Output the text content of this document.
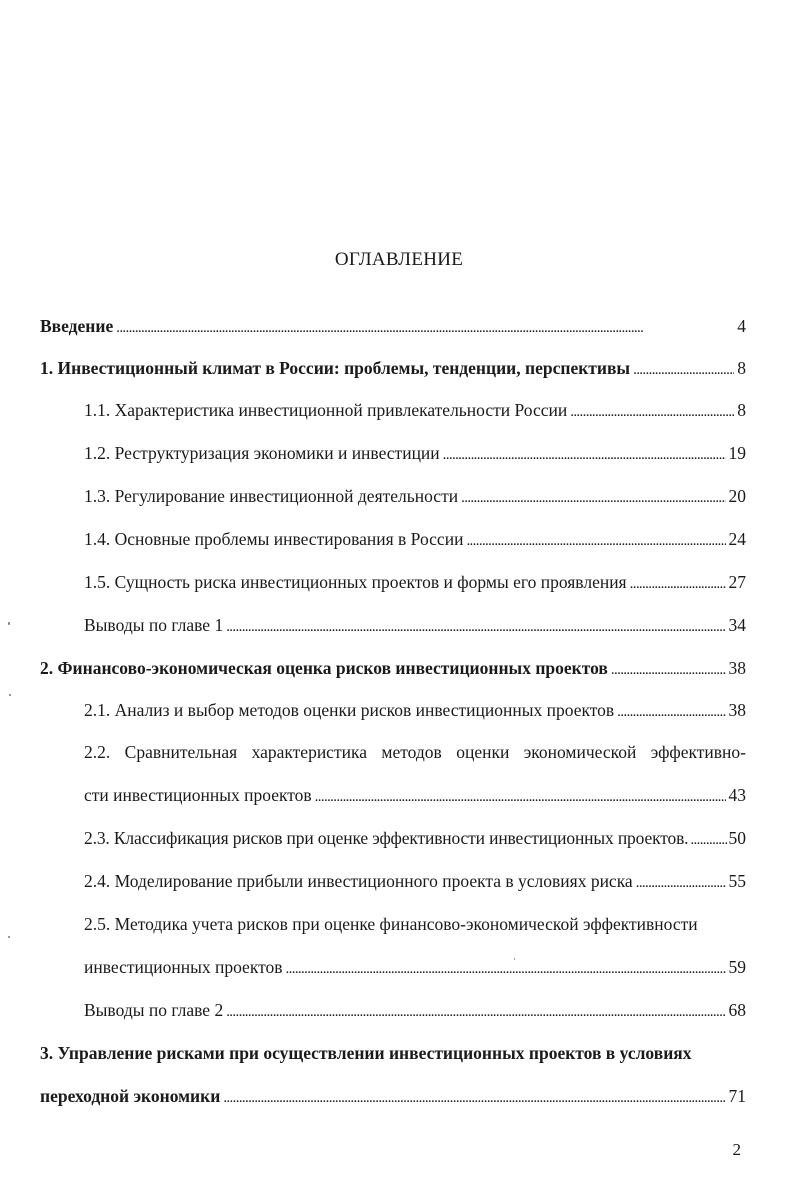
ОГЛАВЛЕНИЕ
Введение . . .	4
1. Инвестиционный климат в России: проблемы, тенденции, перспективы . . .	8
1.1. Характеристика инвестиционной привлекательности России . . .	8
1.2. Реструктуризация экономики и инвестиции . . .	19
1.3. Регулирование инвестиционной деятельности . . .	20
1.4. Основные проблемы инвестирования в России . . .	24
1.5. Сущность риска инвестиционных проектов и формы его проявления . . .	27
Выводы по главе 1 . . .	34
2. Финансово-экономическая оценка рисков инвестиционных проектов . . .	38
2.1. Анализ и выбор методов оценки рисков инвестиционных проектов . . .	38
2.2. Сравнительная характеристика методов оценки экономической эффективно-
сти инвестиционных проектов . . .	43
2.3. Классификация рисков при оценке эффективности инвестиционных проектов. . . . 50
2.4. Моделирование прибыли инвестиционного проекта в условиях риска . . .	55
2.5. Методика учета рисков при оценке финансово-экономической эффективности
инвестиционных проектов . . .	59
Выводы по главе 2 . . .	68
3. Управление рисками при осуществлении инвестиционных проектов в условиях
переходной экономики . . .	71
2
